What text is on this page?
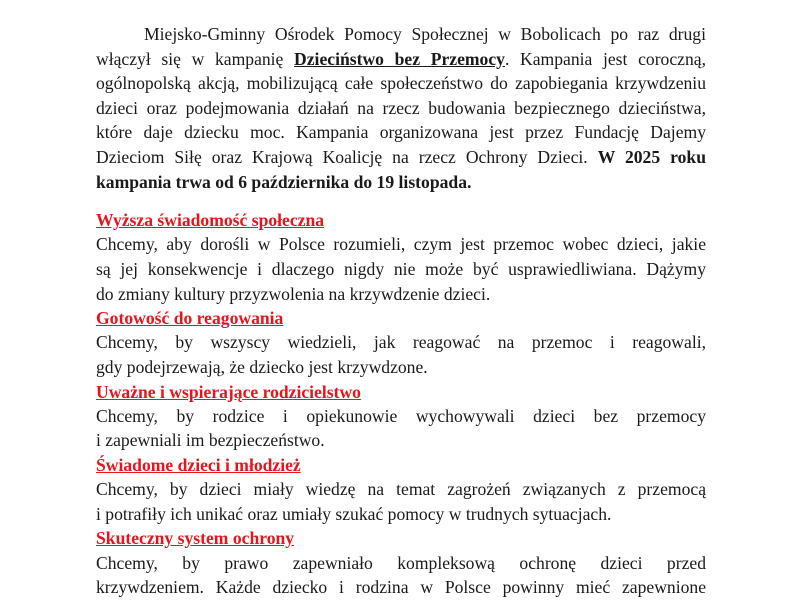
Miejsko-Gminny Ośrodek Pomocy Społecznej w Bobolicach po raz drugi włączył się w kampanię Dzieciństwo bez Przemocy. Kampania jest coroczną, ogólnopolską akcją, mobilizującą całe społeczeństwo do zapobiegania krzywdzeniu dzieci oraz podejmowania działań na rzecz budowania bezpiecznego dzieciństwa, które daje dziecku moc. Kampania organizowana jest przez Fundację Dajemy Dzieciom Siłę oraz Krajową Koalicję na rzecz Ochrony Dzieci. W 2025 roku kampania trwa od 6 października do 19 listopada.

Wyższa świadomość społeczna

Chcemy, aby dorośli w Polsce rozumieli, czym jest przemoc wobec dzieci, jakie
są jej konsekwencje i dlaczego nigdy nie może być usprawiedliwiana. Dążymy
do zmiany kultury przyzwolenia na krzywdzenie dzieci.

Gotowość do reagowania

Chcemy, by wszyscy wiedzieli, jak reagować na przemoc i reagowali,
gdy podejrzewają, że dziecko jest krzywdzone.

Uważne i wspierające rodzicielstwo

Chcemy, by rodzice i opiekunowie wychowywali dzieci bez przemocy
i zapewniali im bezpieczeństwo.

Świadome dzieci i młodzież

Chcemy, by dzieci miały wiedzę na temat zagrożeń związanych z przemocą
i potrafiły ich unikać oraz umiały szukać pomocy w trudnych sytuacjach.

Skuteczny system ochrony

Chcemy, by prawo zapewniało kompleksową ochronę dzieci przed
krzywdzeniem. Każde dziecko i rodzina w Polsce powinny mieć zapewnione
